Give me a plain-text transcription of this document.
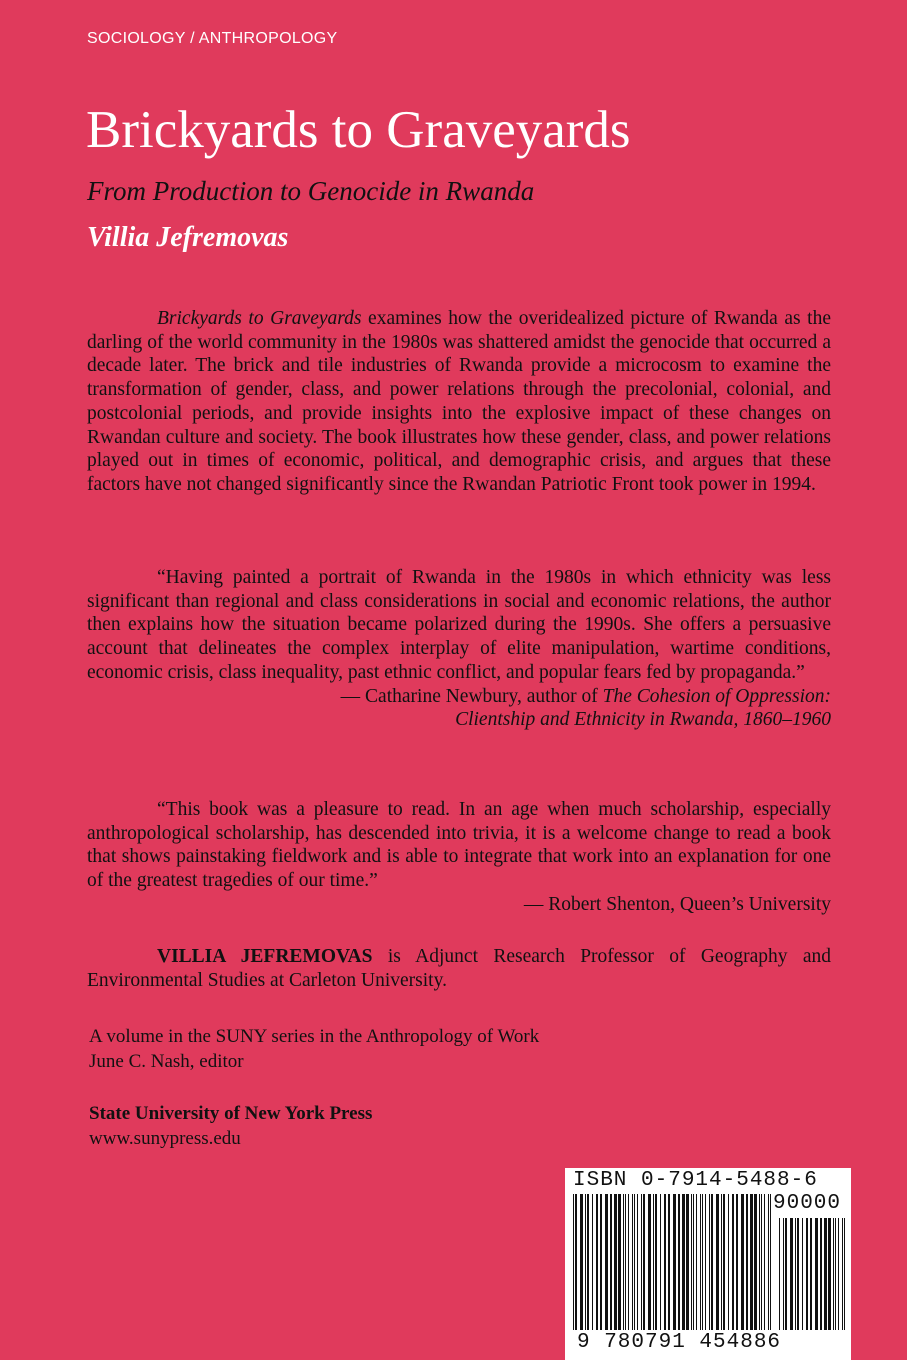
SOCIOLOGY / ANTHROPOLOGY
Brickyards to Graveyards
From Production to Genocide in Rwanda
Villia Jefremovas

Brickyards to Graveyards examines how the overidealized picture of Rwanda as the darling of the world community in the 1980s was shattered amidst the genocide that occurred a decade later. The brick and tile industries of Rwanda provide a microcosm to examine the transformation of gender, class, and power relations through the precolonial, colonial, and postcolonial periods, and provide insights into the explosive impact of these changes on Rwandan culture and society. The book illustrates how these gender, class, and power relations played out in times of economic, political, and demographic crisis, and argues that these factors have not changed significantly since the Rwandan Patriotic Front took power in 1994.

“Having painted a portrait of Rwanda in the 1980s in which ethnicity was less significant than regional and class considerations in social and economic relations, the author then explains how the situation became polarized during the 1990s. She offers a persuasive account that delineates the complex interplay of elite manipulation, wartime conditions, economic crisis, class inequality, past ethnic conflict, and popular fears fed by propaganda.”

— Catharine Newbury, author of The Cohesion of Oppression:

Clientship and Ethnicity in Rwanda, 1860–1960

“This book was a pleasure to read. In an age when much scholarship, especially anthropological scholarship, has descended into trivia, it is a welcome change to read a book that shows painstaking fieldwork and is able to integrate that work into an explanation for one of the greatest tragedies of our time.”

— Robert Shenton, Queen’s University

VILLIA JEFREMOVAS is Adjunct Research Professor of Geography and Environmental Studies at Carleton University.

A volume in the SUNY series in the Anthropology of Work
June C. Nash, editor
State University of New York Press
www.sunypress.edu
ISBN 0-7914-5488-6
90000
9 780791 454886
